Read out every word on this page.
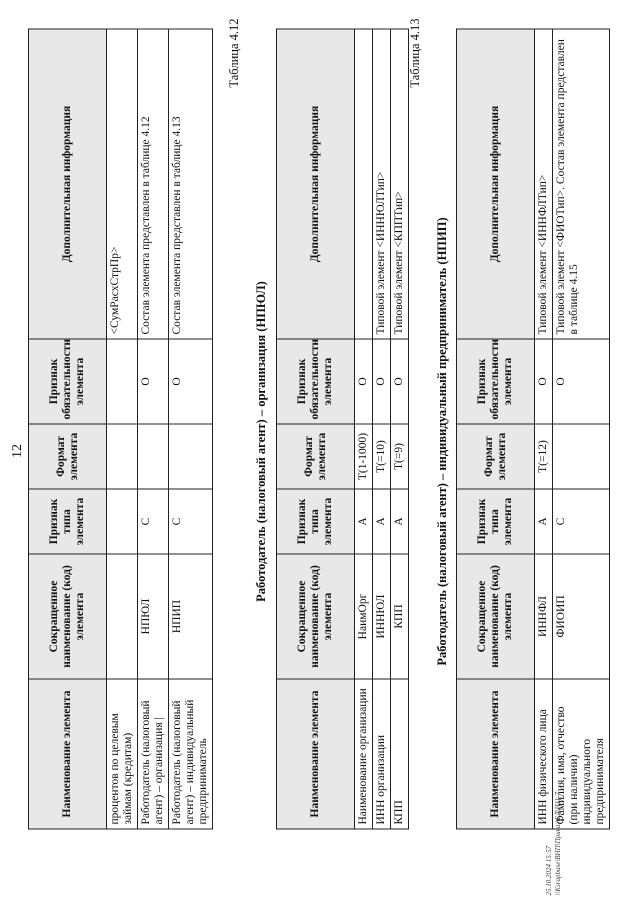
12
Наименование элемента	Сокращенное наименование (код) элемента	Признак типа элемента	Формат элемента	Признак обязательности элемента	Дополнительная информация
процентов по целевым займам (кредитам)					<СумРасхСтрПр>
Работодатель (налоговый агент) – организация |	НПЮЛ	С		О	Состав элемента представлен в таблице 4.12
Работодатель (налоговый агент) – индивидуальный предприниматель	НПИП	С		О	Состав элемента представлен в таблице 4.13
Таблица 4.12
Работодатель (налоговый агент) – организация (НПЮЛ)
Наименование элемента	Сокращенное наименование (код) элемента	Признак типа элемента	Формат элемента	Признак обязательности элемента	Дополнительная информация
Наименование организации	НаимОрг	А	T(1-1000)	О	
ИНН организации	ИННЮЛ	А	T(=10)	О	Типовой элемент <ИННЮЛТип>
КПП	КПП	А	T(=9)	О	Типовой элемент <КППТип>
Таблица 4.13
Работодатель (налоговый агент) – индивидуальный предприниматель (НПИП)
Наименование элемента	Сокращенное наименование (код) элемента	Признак типа элемента	Формат элемента	Признак обязательности элемента	Дополнительная информация
ИНН физического лица	ИННФЛ	А	T(=12)	О	Типовой элемент <ИННФЛТип>
Фамилия, имя, отчество (при наличии) индивидуального предпринимателя	ФИОИП	С		О	Типовой элемент <ФИОТип>. Состав элемента представлен в таблице 4.15
25.10.2024 15:57 \\Ksrapbase\ВНП\Приказ\ЕД\И11-7
